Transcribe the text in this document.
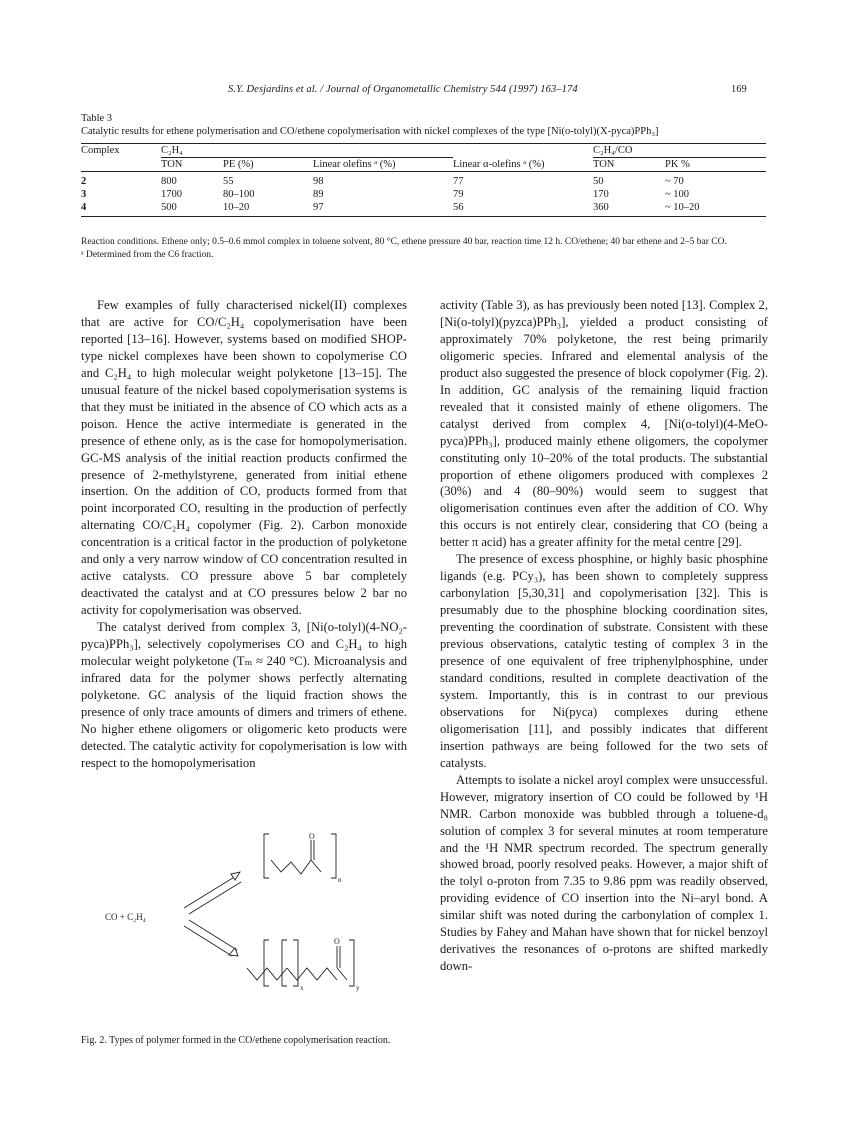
S.Y. Desjardins et al. / Journal of Organometallic Chemistry 544 (1997) 163–174	169
Table 3
Catalytic results for ethene polymerisation and CO/ethene copolymerisation with nickel complexes of the type [Ni(o-tolyl)(X-pyca)PPh₃]
Complex	C₂H₄				C₂H₄/CO	
	TON	PE (%)	Linear olefins ᵃ (%)	Linear α-olefins ᵃ (%)	TON	PK %
2	800	55	98	77	50	~ 70
3	1700	80–100	89	79	170	~ 100
4	500	10–20	97	56	360	~ 10–20
Reaction conditions. Ethene only; 0.5–0.6 mmol complex in toluene solvent, 80 °C, ethene pressure 40 bar, reaction time 12 h. CO/ethene; 40 bar ethene and 2–5 bar CO.
ᵃ Determined from the C6 fraction.

Few examples of fully characterised nickel(II) complexes that are active for CO/C₂H₄ copolymerisation have been reported [13–16]. However, systems based on modified SHOP-type nickel complexes have been shown to copolymerise CO and C₂H₄ to high molecular weight polyketone [13–15]. The unusual feature of the nickel based copolymerisation systems is that they must be initiated in the absence of CO which acts as a poison. Hence the active intermediate is generated in the presence of ethene only, as is the case for homopolymerisation. GC-MS analysis of the initial reaction products confirmed the presence of 2-methylstyrene, generated from initial ethene insertion. On the addition of CO, products formed from that point incorporated CO, resulting in the production of perfectly alternating CO/C₂H₄ copolymer (Fig. 2). Carbon monoxide concentration is a critical factor in the production of polyketone and only a very narrow window of CO concentration resulted in active catalysts. CO pressure above 5 bar completely deactivated the catalyst and at CO pressures below 2 bar no activity for copolymerisation was observed.

The catalyst derived from complex 3, [Ni(o-tolyl)(4-NO₂-pyca)PPh₃], selectively copolymerises CO and C₂H₄ to high molecular weight polyketone (Tₘ ≈ 240 °C). Microanalysis and infrared data for the polymer shows perfectly alternating polyketone. GC analysis of the liquid fraction shows the presence of only trace amounts of dimers and trimers of ethene. No higher ethene oligomers or oligomeric keto products were detected. The catalytic activity for copolymerisation is low with respect to the homopolymerisation

O
n
CO + C₂H₄
O
x	y
Fig. 2. Types of polymer formed in the CO/ethene copolymerisation reaction.

activity (Table 3), as has previously been noted [13]. Complex 2, [Ni(o-tolyl)(pyzca)PPh₃], yielded a product consisting of approximately 70% polyketone, the rest being primarily oligomeric species. Infrared and elemental analysis of the product also suggested the presence of block copolymer (Fig. 2). In addition, GC analysis of the remaining liquid fraction revealed that it consisted mainly of ethene oligomers. The catalyst derived from complex 4, [Ni(o-tolyl)(4-MeO-pyca)PPh₃], produced mainly ethene oligomers, the copolymer constituting only 10–20% of the total products. The substantial proportion of ethene oligomers produced with complexes 2 (30%) and 4 (80–90%) would seem to suggest that oligomerisation continues even after the addition of CO. Why this occurs is not entirely clear, considering that CO (being a better π acid) has a greater affinity for the metal centre [29].

The presence of excess phosphine, or highly basic phosphine ligands (e.g. PCy₃), has been shown to completely suppress carbonylation [5,30,31] and copolymerisation [32]. This is presumably due to the phosphine blocking coordination sites, preventing the coordination of substrate. Consistent with these previous observations, catalytic testing of complex 3 in the presence of one equivalent of free triphenylphosphine, under standard conditions, resulted in complete deactivation of the system. Importantly, this is in contrast to our previous observations for Ni(pyca) complexes during ethene oligomerisation [11], and possibly indicates that different insertion pathways are being followed for the two sets of catalysts.

Attempts to isolate a nickel aroyl complex were unsuccessful. However, migratory insertion of CO could be followed by ¹H NMR. Carbon monoxide was bubbled through a toluene-d₈ solution of complex 3 for several minutes at room temperature and the ¹H NMR spectrum recorded. The spectrum generally showed broad, poorly resolved peaks. However, a major shift of the tolyl o-proton from 7.35 to 9.86 ppm was readily observed, providing evidence of CO insertion into the Ni–aryl bond. A similar shift was noted during the carbonylation of complex 1. Studies by Fahey and Mahan have shown that for nickel benzoyl derivatives the resonances of o-protons are shifted markedly down-
